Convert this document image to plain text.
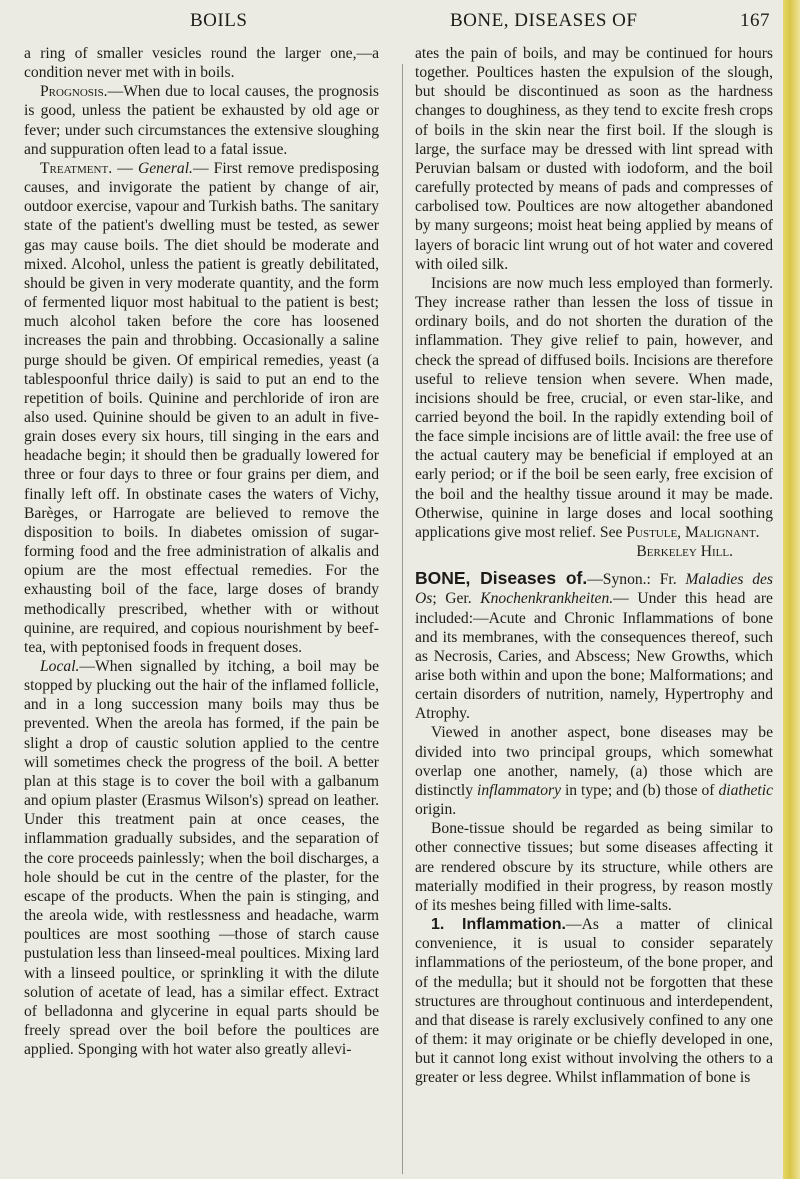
BOILS	BONE, DISEASES OF	167

a ring of smaller vesicles round the larger one,—a condition never met with in boils.

Prognosis.—When due to local causes, the prognosis is good, unless the patient be exhausted by old age or fever; under such circumstances the extensive sloughing and suppuration often lead to a fatal issue.

Treatment. — General.— First remove predisposing causes, and invigorate the patient by change of air, outdoor exercise, vapour and Turkish baths. The sanitary state of the patient's dwelling must be tested, as sewer gas may cause boils. The diet should be moderate and mixed. Alcohol, unless the patient is greatly debilitated, should be given in very moderate quantity, and the form of fermented liquor most habitual to the patient is best; much alcohol taken before the core has loosened increases the pain and throbbing. Occasionally a saline purge should be given. Of empirical remedies, yeast (a tablespoonful thrice daily) is said to put an end to the repetition of boils. Quinine and perchloride of iron are also used. Quinine should be given to an adult in five-grain doses every six hours, till singing in the ears and headache begin; it should then be gradually lowered for three or four days to three or four grains per diem, and finally left off. In obstinate cases the waters of Vichy, Barèges, or Harrogate are believed to remove the disposition to boils. In diabetes omission of sugar-forming food and the free administration of alkalis and opium are the most effectual remedies. For the exhausting boil of the face, large doses of brandy methodically prescribed, whether with or without quinine, are required, and copious nourishment by beef-tea, with peptonised foods in frequent doses.

Local.—When signalled by itching, a boil may be stopped by plucking out the hair of the inflamed follicle, and in a long succession many boils may thus be prevented. When the areola has formed, if the pain be slight a drop of caustic solution applied to the centre will sometimes check the progress of the boil. A better plan at this stage is to cover the boil with a galbanum and opium plaster (Erasmus Wilson's) spread on leather. Under this treatment pain at once ceases, the inflammation gradually subsides, and the separation of the core proceeds painlessly; when the boil discharges, a hole should be cut in the centre of the plaster, for the escape of the products. When the pain is stinging, and the areola wide, with restlessness and headache, warm poultices are most soothing —those of starch cause pustulation less than linseed-meal poultices. Mixing lard with a linseed poultice, or sprinkling it with the dilute solution of acetate of lead, has a similar effect. Extract of belladonna and glycerine in equal parts should be freely spread over the boil before the poultices are applied. Sponging with hot water also greatly allevi-

ates the pain of boils, and may be continued for hours together. Poultices hasten the expulsion of the slough, but should be discontinued as soon as the hardness changes to doughiness, as they tend to excite fresh crops of boils in the skin near the first boil. If the slough is large, the surface may be dressed with lint spread with Peruvian balsam or dusted with iodoform, and the boil carefully protected by means of pads and compresses of carbolised tow. Poultices are now altogether abandoned by many surgeons; moist heat being applied by means of layers of boracic lint wrung out of hot water and covered with oiled silk.

Incisions are now much less employed than formerly. They increase rather than lessen the loss of tissue in ordinary boils, and do not shorten the duration of the inflammation. They give relief to pain, however, and check the spread of diffused boils. Incisions are therefore useful to relieve tension when severe. When made, incisions should be free, crucial, or even star-like, and carried beyond the boil. In the rapidly extending boil of the face simple incisions are of little avail: the free use of the actual cautery may be beneficial if employed at an early period; or if the boil be seen early, free excision of the boil and the healthy tissue around it may be made. Otherwise, quinine in large doses and local soothing applications give most relief. See Pustule, Malignant.

Berkeley Hill.

BONE, Diseases of.—Synon.: Fr. Maladies des Os; Ger. Knochenkrankheiten.— Under this head are included:—Acute and Chronic Inflammations of bone and its membranes, with the consequences thereof, such as Necrosis, Caries, and Abscess; New Growths, which arise both within and upon the bone; Malformations; and certain disorders of nutrition, namely, Hypertrophy and Atrophy.

Viewed in another aspect, bone diseases may be divided into two principal groups, which somewhat overlap one another, namely, (a) those which are distinctly inflammatory in type; and (b) those of diathetic origin.

Bone-tissue should be regarded as being similar to other connective tissues; but some diseases affecting it are rendered obscure by its structure, while others are materially modified in their progress, by reason mostly of its meshes being filled with lime-salts.

1. Inflammation.—As a matter of clinical convenience, it is usual to consider separately inflammations of the periosteum, of the bone proper, and of the medulla; but it should not be forgotten that these structures are throughout continuous and interdependent, and that disease is rarely exclusively confined to any one of them: it may originate or be chiefly developed in one, but it cannot long exist without involving the others to a greater or less degree. Whilst inflammation of bone is
